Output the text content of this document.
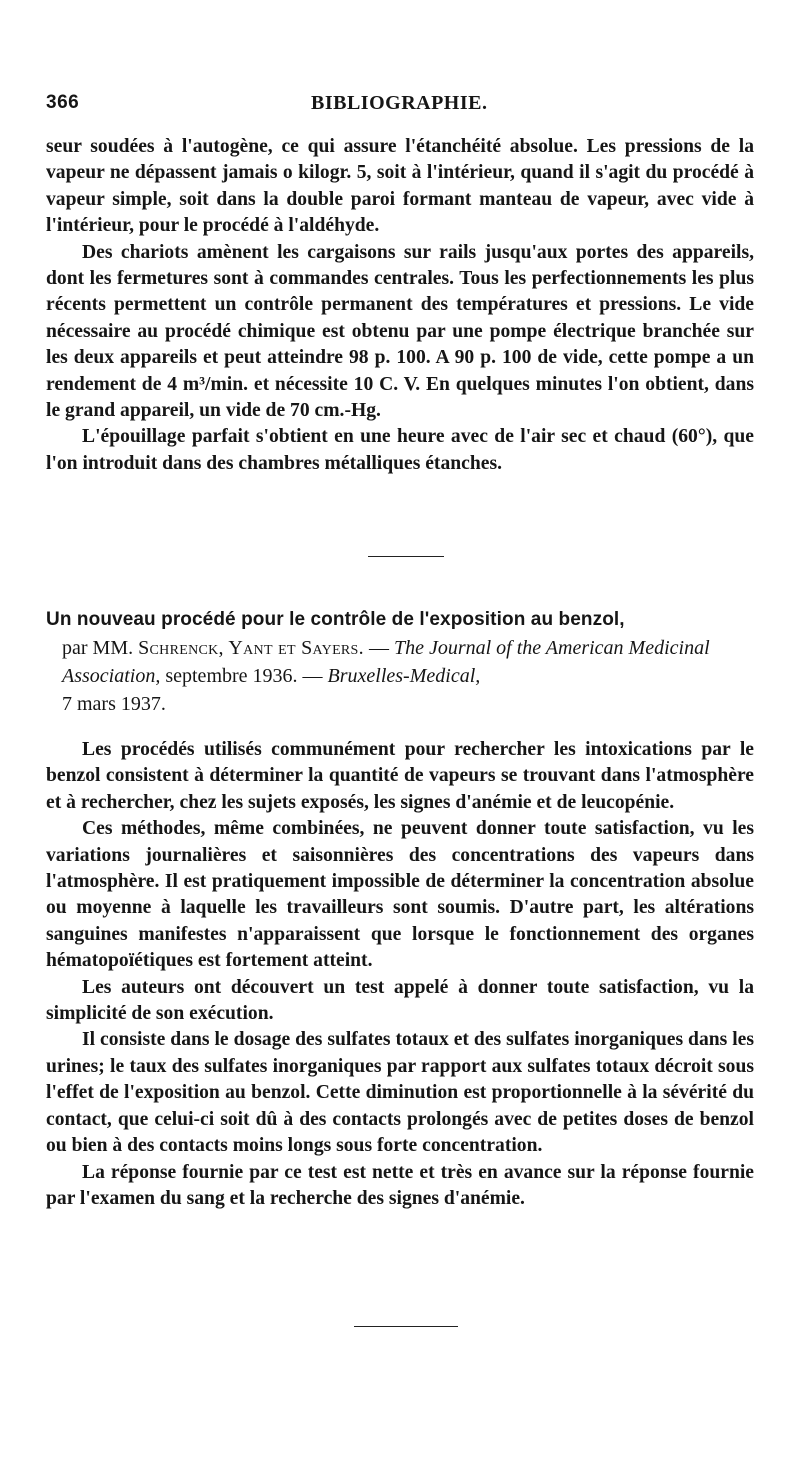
366	BIBLIOGRAPHIE.

seur soudées à l'autogène, ce qui assure l'étanchéité absolue. Les pressions de la vapeur ne dépassent jamais o kilogr. 5, soit à l'intérieur, quand il s'agit du procédé à vapeur simple, soit dans la double paroi formant manteau de vapeur, avec vide à l'intérieur, pour le procédé à l'aldéhyde.

Des chariots amènent les cargaisons sur rails jusqu'aux portes des appareils, dont les fermetures sont à commandes centrales. Tous les perfectionnements les plus récents permettent un contrôle permanent des températures et pressions. Le vide nécessaire au procédé chimique est obtenu par une pompe électrique branchée sur les deux appareils et peut atteindre 98 p. 100. A 90 p. 100 de vide, cette pompe a un rendement de 4 m³/min. et nécessite 10 C. V. En quelques minutes l'on obtient, dans le grand appareil, un vide de 70 cm.-Hg.

L'épouillage parfait s'obtient en une heure avec de l'air sec et chaud (60°), que l'on introduit dans des chambres métalliques étanches.

Un nouveau procédé pour le contrôle de l'exposition au benzol,
par MM. Schrenck, Yant et Sayers. — The Journal of the American Medicinal Association, septembre 1936. — Bruxelles-Medical,
7 mars 1937.

Les procédés utilisés communément pour rechercher les intoxications par le benzol consistent à déterminer la quantité de vapeurs se trouvant dans l'atmosphère et à rechercher, chez les sujets exposés, les signes d'anémie et de leucopénie.

Ces méthodes, même combinées, ne peuvent donner toute satisfaction, vu les variations journalières et saisonnières des concentrations des vapeurs dans l'atmosphère. Il est pratiquement impossible de déterminer la concentration absolue ou moyenne à laquelle les travailleurs sont soumis. D'autre part, les altérations sanguines manifestes n'apparaissent que lorsque le fonctionnement des organes hématopoïétiques est fortement atteint.

Les auteurs ont découvert un test appelé à donner toute satisfaction, vu la simplicité de son exécution.

Il consiste dans le dosage des sulfates totaux et des sulfates inorganiques dans les urines; le taux des sulfates inorganiques par rapport aux sulfates totaux décroit sous l'effet de l'exposition au benzol. Cette diminution est proportionnelle à la sévérité du contact, que celui-ci soit dû à des contacts prolongés avec de petites doses de benzol ou bien à des contacts moins longs sous forte concentration.

La réponse fournie par ce test est nette et très en avance sur la réponse fournie par l'examen du sang et la recherche des signes d'anémie.
